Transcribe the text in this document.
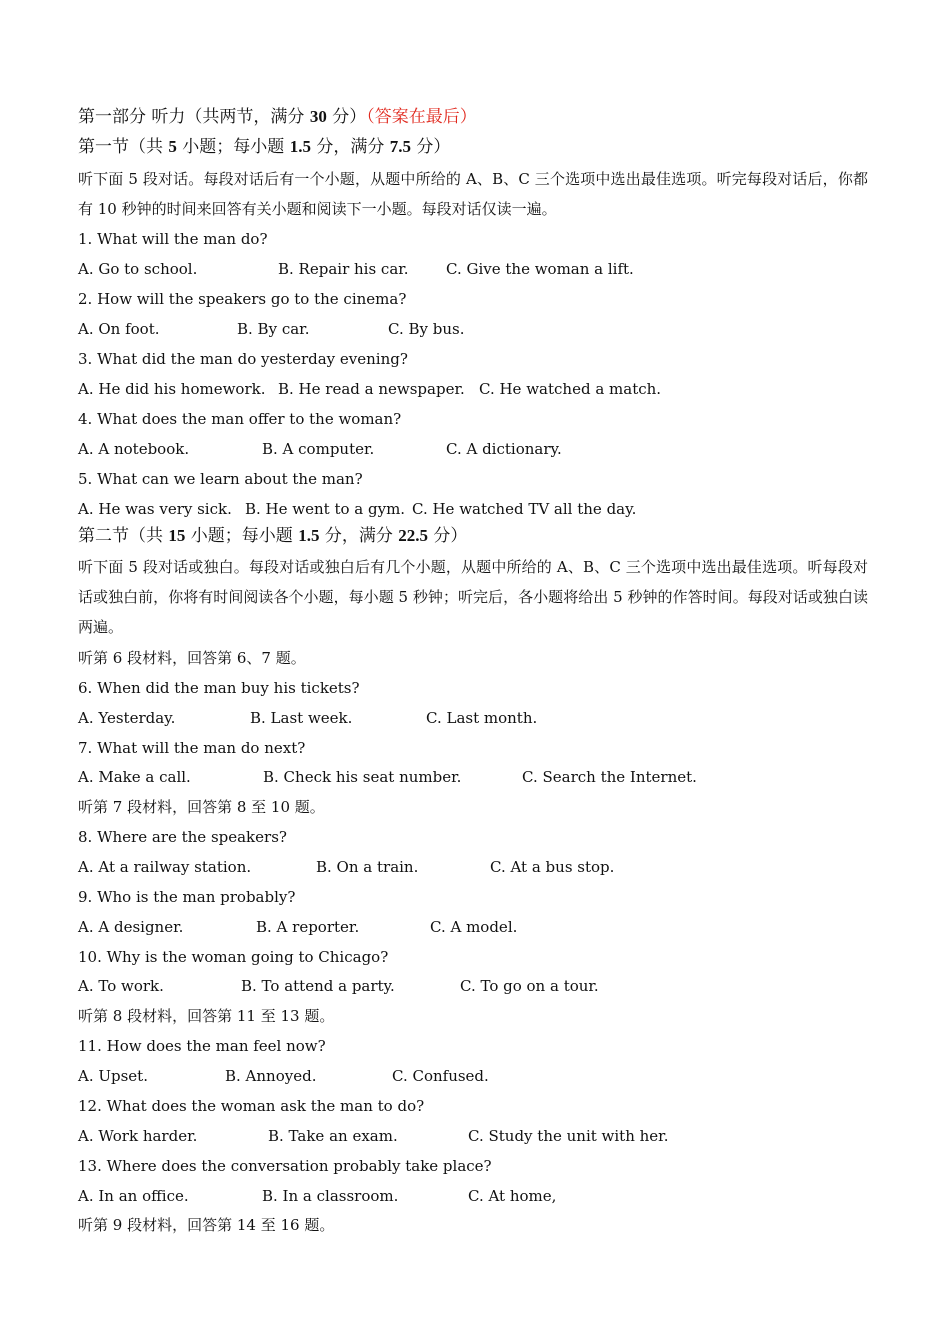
第一部分 听力（共两节，满分 30 分）（答案在最后）
第一节（共 5 小题；每小题 1.5 分，满分 7.5 分）
听下面 5 段对话。每段对话后有一个小题，从题中所给的 A、B、C 三个选项中选出最佳选项。听完每段对话后，你都有 10 秒钟的时间来回答有关小题和阅读下一小题。每段对话仅读一遍。
1. What will the man do?
A. Go to school.	B. Repair his car. C. Give the woman a lift.
2. How will the speakers go to the cinema?
A. On foot.	B. By car.	C. By bus.
3. What did the man do yesterday evening?
A. He did his homework. B. He read a newspaper. C. He watched a match.
4. What does the man offer to the woman?
A. A notebook.	B. A computer.	C. A dictionary.
5. What can we learn about the man?
A. He was very sick. B. He went to a gym. C. He watched TV all the day.
第二节（共 15 小题；每小题 1.5 分，满分 22.5 分）
听下面 5 段对话或独白。每段对话或独白后有几个小题，从题中所给的 A、B、C 三个选项中选出最佳选项。听每段对话或独白前，你将有时间阅读各个小题，每小题 5 秒钟；听完后，各小题将给出 5 秒钟的作答时间。每段对话或独白读两遍。
听第 6 段材料，回答第 6、7 题。
6. When did the man buy his tickets?
A. Yesterday.	B. Last week.	C. Last month.
7. What will the man do next?
A. Make a call.	B. Check his seat number.	C. Search the Internet.
听第 7 段材料，回答第 8 至 10 题。
8. Where are the speakers?
A. At a railway station.	B. On a train.	C. At a bus stop.
9. Who is the man probably?
A. A designer.	B. A reporter.	C. A model.
10. Why is the woman going to Chicago?
A. To work.	B. To attend a party.	C. To go on a tour.
听第 8 段材料，回答第 11 至 13 题。
11. How does the man feel now?
A. Upset.	B. Annoyed.	C. Confused.
12. What does the woman ask the man to do?
A. Work harder.	B. Take an exam.	C. Study the unit with her.
13. Where does the conversation probably take place?
A. In an office.	B. In a classroom.	C. At home,
听第 9 段材料，回答第 14 至 16 题。
